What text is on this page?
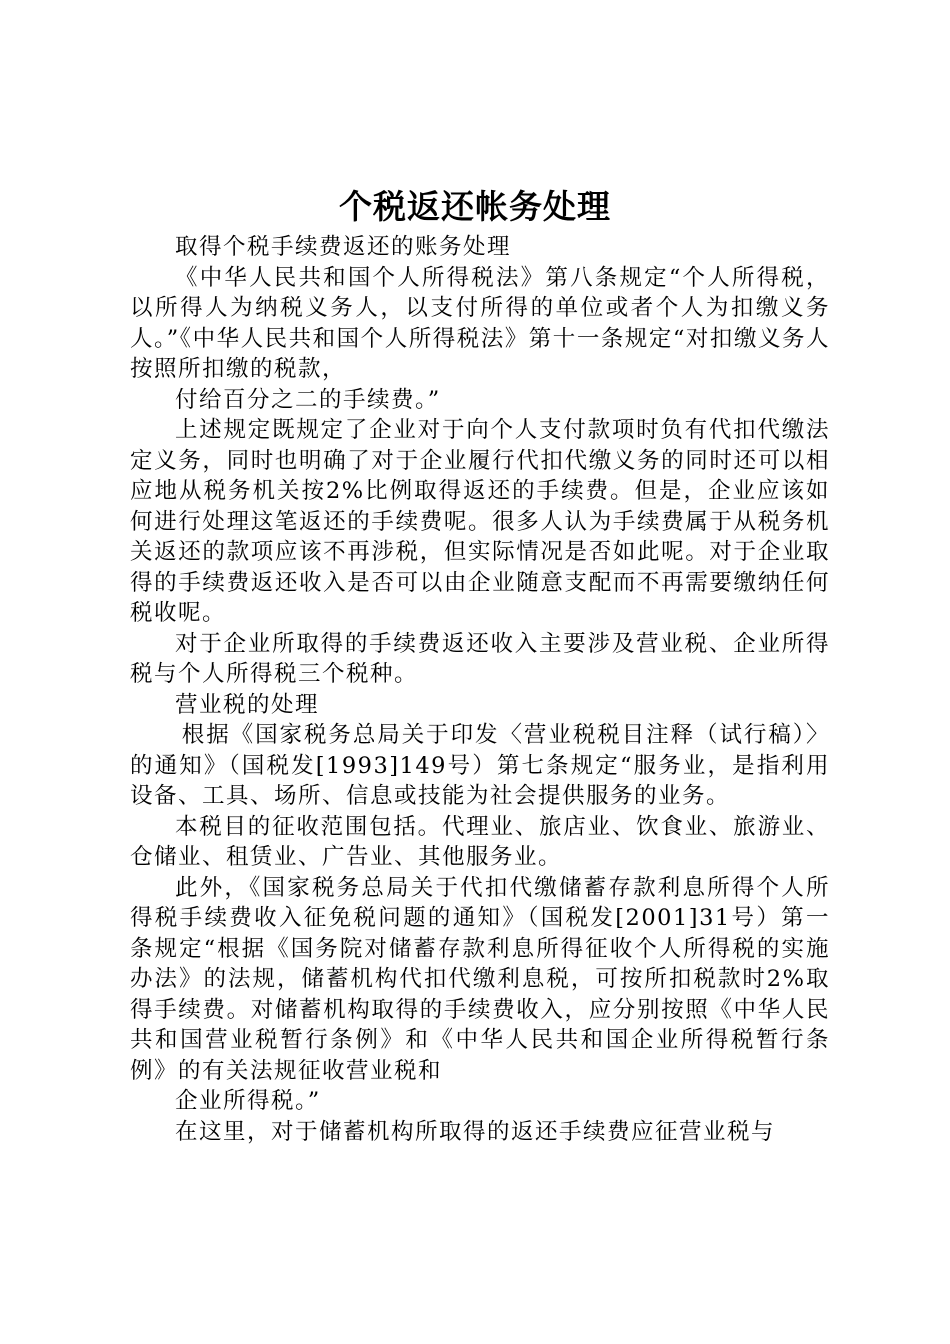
个税返还帐务处理

取得个税手续费返还的账务处理

《中华人民共和国个人所得税法》第八条规定“个人所得税，以所得人为纳税义务人，以支付所得的单位或者个人为扣缴义务人。”《中华人民共和国个人所得税法》第十一条规定“对扣缴义务人按照所扣缴的税款，

付给百分之二的手续费。”

上述规定既规定了企业对于向个人支付款项时负有代扣代缴法定义务，同时也明确了对于企业履行代扣代缴义务的同时还可以相应地从税务机关按2%比例取得返还的手续费。但是，企业应该如何进行处理这笔返还的手续费呢。很多人认为手续费属于从税务机关返还的款项应该不再涉税，但实际情况是否如此呢。对于企业取得的手续费返还收入是否可以由企业随意支配而不再需要缴纳任何税收呢。

对于企业所取得的手续费返还收入主要涉及营业税、企业所得税与个人所得税三个税种。

营业税的处理

根据《国家税务总局关于印发〈营业税税目注释（试行稿）〉的通知》（国税发[1993]149号）第七条规定“服务业，是指利用设备、工具、场所、信息或技能为社会提供服务的业务。

本税目的征收范围包括。代理业、旅店业、饮食业、旅游业、仓储业、租赁业、广告业、其他服务业。

此外，《国家税务总局关于代扣代缴储蓄存款利息所得个人所得税手续费收入征免税问题的通知》（国税发[2001]31号）第一条规定“根据《国务院对储蓄存款利息所得征收个人所得税的实施办法》的法规，储蓄机构代扣代缴利息税，可按所扣税款时2%取得手续费。对储蓄机构取得的手续费收入，应分别按照《中华人民共和国营业税暂行条例》和《中华人民共和国企业所得税暂行条例》的有关法规征收营业税和

企业所得税。”

在这里，对于储蓄机构所取得的返还手续费应征营业税与
